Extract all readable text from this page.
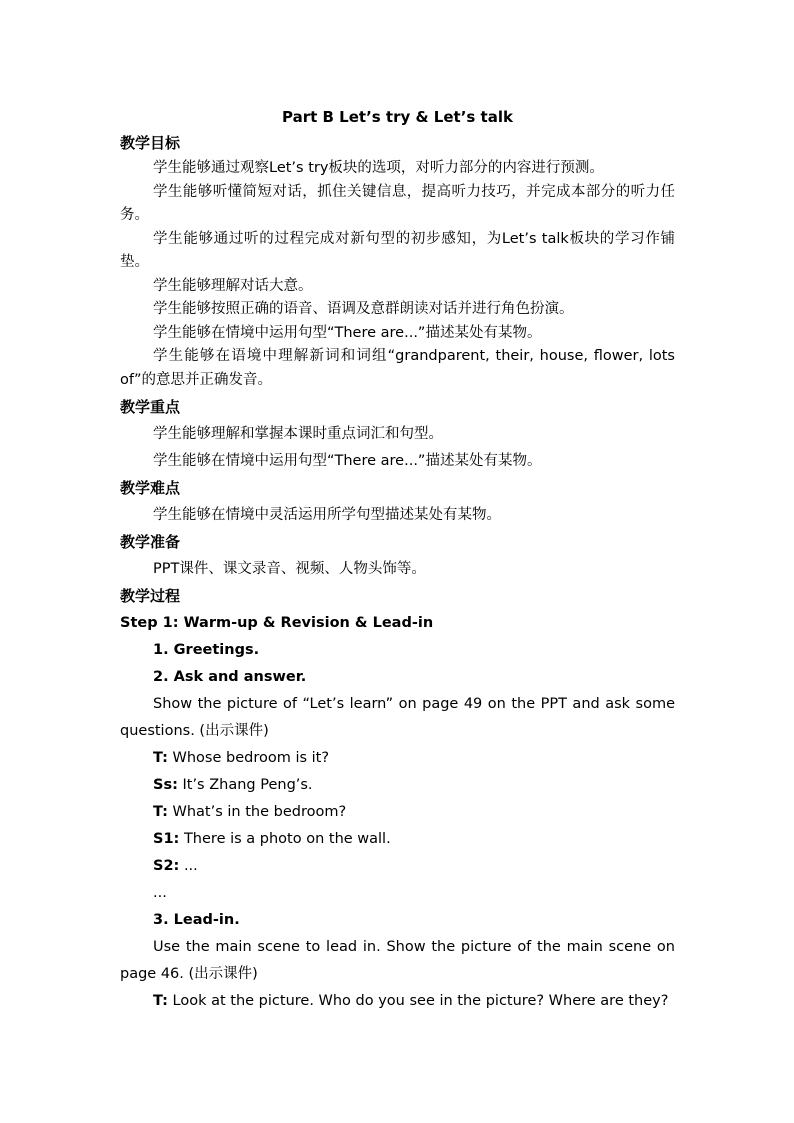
Part B Let’s try & Let’s talk
教学目标
学生能够通过观察Let’s try板块的选项，对听力部分的内容进行预测。
学生能够听懂简短对话，抓住关键信息，提高听力技巧，并完成本部分的听力任务。
学生能够通过听的过程完成对新句型的初步感知，为Let’s talk板块的学习作铺垫。
学生能够理解对话大意。
学生能够按照正确的语音、语调及意群朗读对话并进行角色扮演。
学生能够在情境中运用句型“There are...”描述某处有某物。
学生能够在语境中理解新词和词组“grandparent, their, house, flower, lots of”的意思并正确发音。
教学重点
学生能够理解和掌握本课时重点词汇和句型。
学生能够在情境中运用句型“There are...”描述某处有某物。
教学难点
学生能够在情境中灵活运用所学句型描述某处有某物。
教学准备
PPT课件、课文录音、视频、人物头饰等。
教学过程
Step 1: Warm-up & Revision & Lead-in
1. Greetings.
2. Ask and answer.
Show the picture of “Let’s learn” on page 49 on the PPT and ask some questions. (出示课件)
T: Whose bedroom is it?
Ss: It’s Zhang Peng’s.
T: What’s in the bedroom?
S1: There is a photo on the wall.
S2: ...
...
3. Lead-in.
Use the main scene to lead in. Show the picture of the main scene on page 46. (出示课件)
T: Look at the picture. Who do you see in the picture? Where are they?
